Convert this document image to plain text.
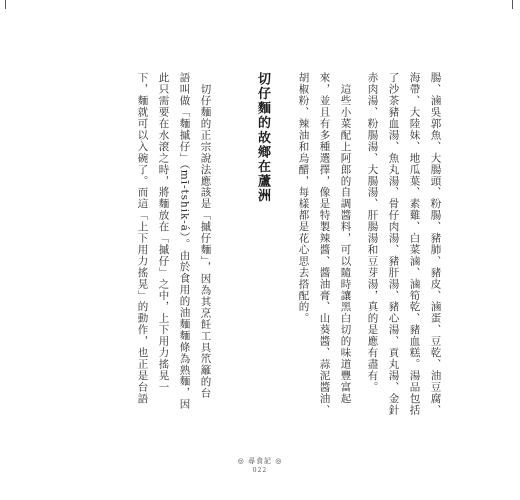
腸、滷吳郭魚、大腸頭、粉腸、豬肺、豬皮、滷蛋、豆乾、油豆腐、
海帶、大陸妹、地瓜葉、素雞、白菜滷、滷筍乾、豬血糕。湯品包括
了沙茶豬血湯、魚丸湯、骨仔肉湯、豬肝湯、豬心湯、貢丸湯、金針
赤肉湯、粉腸湯、大腸湯、肝腸湯和豆芽湯，真的是應有盡有。
　這些小菜配上阿郎的自調醬料，可以隨時讓黑白切的味道豐富起
來，並且有多種選擇，像是特製辣醬、醬油膏、山葵醬、蒜泥醬油、
胡椒粉、辣油和烏醋，每樣都是花心思去搭配的。
切仔麵的故鄉在蘆洲
　切仔麵的正宗說法應該是「摵仔麵」，因為其烹飪工具笊籬的台
語叫做「麵摵仔」（mī-tshik-á）。由於食用的油麵麵條為熟麵，因
此只需要在水滾之時，將麵放在「摵仔」之中，上下用力搖晃一
下，麵就可以入碗了。而這「上下用力搖晃」的動作，也正是台語
◎ 尋食記 ◎
022
